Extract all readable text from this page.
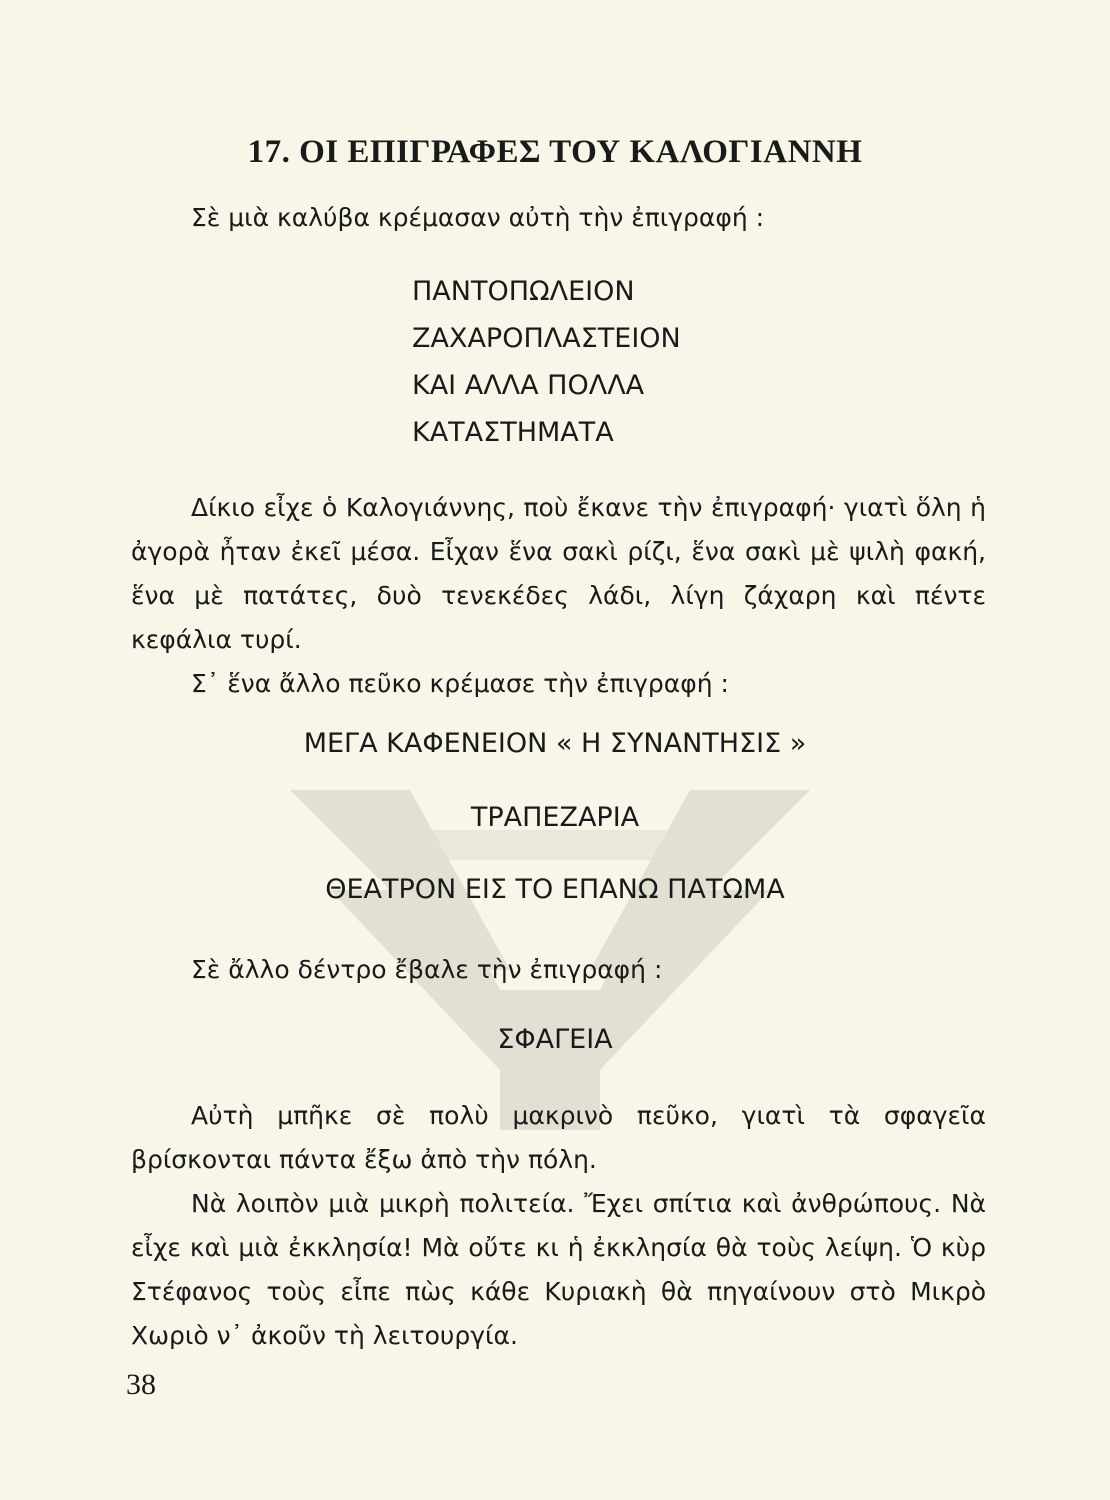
17. ΟΙ ΕΠΙΓΡΑΦΕΣ ΤΟΥ ΚΑΛΟΓΙΑΝΝΗ

Σὲ μιὰ καλύβα κρέμασαν αὐτὴ τὴν ἐπιγραφή :

ΠΑΝΤΟΠΩΛΕΙΟΝ
ΖΑΧΑΡΟΠΛΑΣΤΕΙΟΝ
ΚΑΙ ΑΛΛΑ ΠΟΛΛΑ
ΚΑΤΑΣΤΗΜΑΤΑ

Δίκιο εἶχε ὁ Καλογιάννης, ποὺ ἔκανε τὴν ἐπιγραφή· γιατὶ ὅλη ἡ ἀγορὰ ἦταν ἐκεῖ μέσα. Εἶχαν ἕνα σακὶ ρίζι, ἕνα σακὶ μὲ ψιλὴ φακή, ἕνα μὲ πατάτες, δυὸ τενεκέδες λάδι, λίγη ζάχαρη καὶ πέντε κεφάλια τυρί.

Σ᾽ ἕνα ἄλλο πεῦκο κρέμασε τὴν ἐπιγραφή :

ΜΕΓΑ ΚΑΦΕΝΕΙΟΝ « Η ΣΥΝΑΝΤΗΣΙΣ »

ΤΡΑΠΕΖΑΡΙΑ

ΘΕΑΤΡΟΝ ΕΙΣ ΤΟ ΕΠΑΝΩ ΠΑΤΩΜΑ

Σὲ ἄλλο δέντρο ἔβαλε τὴν ἐπιγραφή :

ΣΦΑΓΕΙΑ

Αὐτὴ μπῆκε σὲ πολὺ μακρινὸ πεῦκο, γιατὶ τὰ σφαγεῖα βρίσκονται πάντα ἔξω ἀπὸ τὴν πόλη.

Νὰ λοιπὸν μιὰ μικρὴ πολιτεία. Ἔχει σπίτια καὶ ἀνθρώπους. Νὰ εἶχε καὶ μιὰ ἐκκλησία! Μὰ οὔτε κι ἡ ἐκκλησία θὰ τοὺς λείψη. Ὁ κὺρ Στέφανος τοὺς εἶπε πὼς κάθε Κυριακὴ θὰ πηγαίνουν στὸ Μικρὸ Χωριὸ ν᾽ ἀκοῦν τὴ λειτουργία.

38
